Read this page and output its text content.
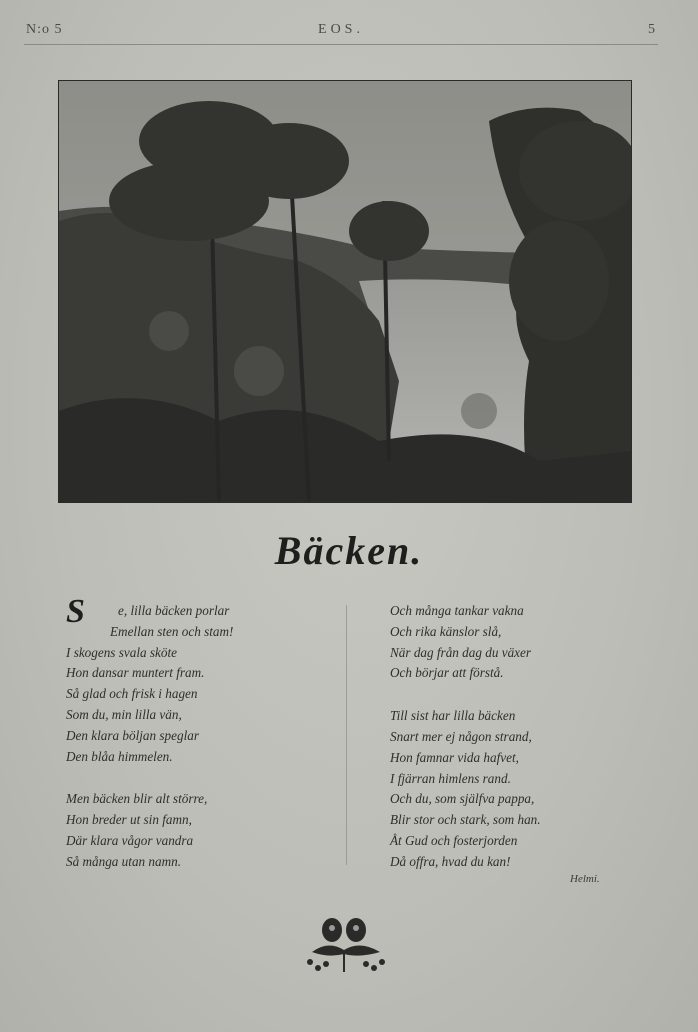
N:o 5	EOS.	5
Bäcken.
S	e, lilla bäcken porlar
Emellan sten och stam!
I skogens svala sköte
Hon dansar muntert fram.
Så glad och frisk i hagen
Som du, min lilla vän,
Den klara böljan speglar
Den blåa himmelen.
Men bäcken blir alt större,
Hon breder ut sin famn,
Där klara vågor vandra
Så många utan namn.
Och många tankar vakna
Och rika känslor slå,
När dag från dag du växer
Och börjar att förstå.
Till sist har lilla bäcken
Snart mer ej någon strand,
Hon famnar vida hafvet,
I fjärran himlens rand.
Och du, som själfva pappa,
Blir stor och stark, som han.
Åt Gud och fosterjorden
Då offra, hvad du kan!
Helmi.
